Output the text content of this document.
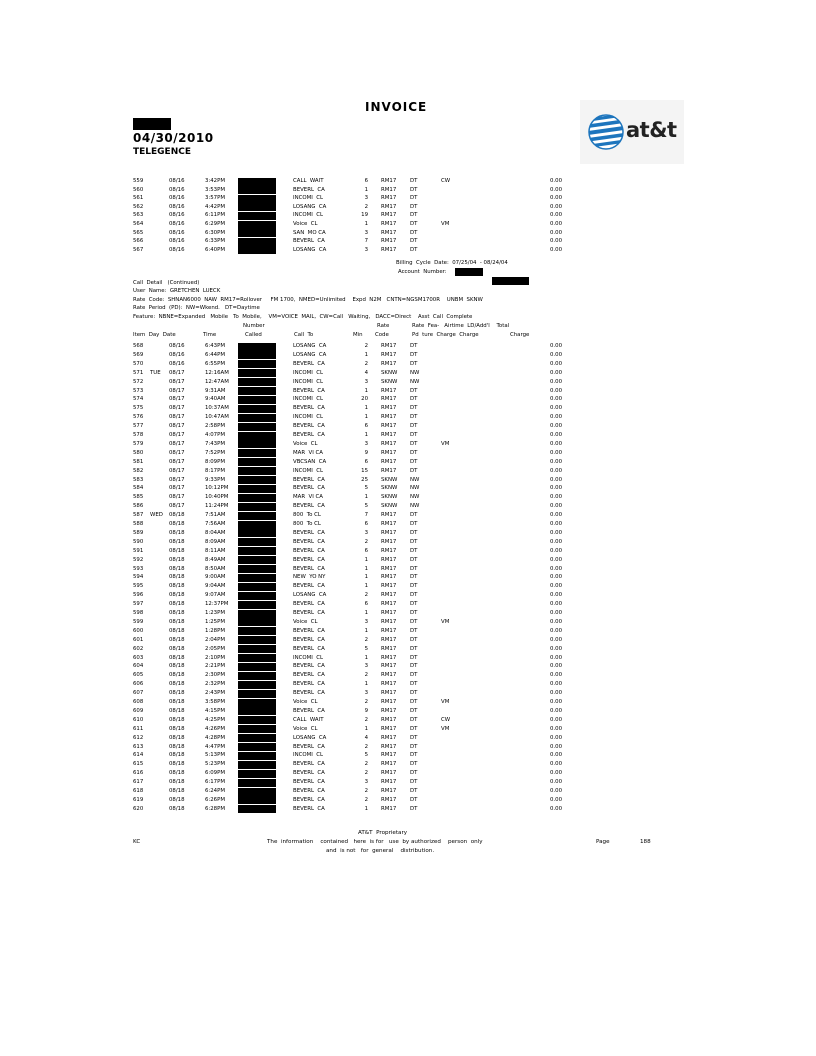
INVOICE
04/30/2010
TELEGENCE
at&t
559	08/16	3:42PM	CALL  WAIT	6 RM17	DT	CW	0.00
560	08/16	3:53PM	BEVERL  CA	1 RM17	DT	0.00
561	08/16	3:57PM	INCOMI  CL	3 RM17	DT	0.00
562	08/16	4:42PM	LOSANG  CA	2 RM17	DT	0.00
563	08/16	6:11PM	INCOMI  CL	19 RM17	DT	0.00
564	08/16	6:29PM	Voice  CL	1 RM17	DT	VM	0.00
565	08/16	6:30PM	SAN  MO CA	3 RM17	DT	0.00
566	08/16	6:33PM	BEVERL  CA	7 RM17	DT	0.00
567	08/16	6:40PM	LOSANG  CA	3 RM17	DT	0.00
Billing  Cycle  Date:  07/25/04  - 08/24/04
Account  Number:
Call  Detail   (Continued)
User  Name:  GRETCHEN  LUECK
Rate  Code:  SHNAN6000  NAW  RM17=Rollover     FM 1700,  NMED=Unlimited    Expd  N2M   CNTN=NGSM1700R    UNBM  SKNW
Rate  Period  (PD):  NW=Wkend.   DT=Daytime
Feature:  NBNE=Expanded   Mobile   To  Mobile,    VM=VOICE  MAIL,  CW=Call   Waiting,   DACC=Direct    Asst  Call  Complete
Number	Rate	Rate  Fea-   Airtime  LD/Add'l    Total
Item  Day  Date	Time	Called	Call  To	Min Code	Pd  ture  Charge  Charge	Charge
568	08/16	6:43PM	LOSANG  CA	2 RM17	DT	0.00
569	08/16	6:44PM	LOSANG  CA	1 RM17	DT	0.00
570	08/16	6:55PM	BEVERL  CA	2 RM17	DT	0.00
571 TUE 08/17	12:16AM	INCOMI  CL	4 SKNW NW	0.00
572	08/17	12:47AM	INCOMI  CL	3 SKNW NW	0.00
573	08/17	9:31AM	BEVERL  CA	1 RM17	DT	0.00
574	08/17	9:40AM	INCOMI  CL	20 RM17	DT	0.00
575	08/17	10:37AM	BEVERL  CA	1 RM17	DT	0.00
576	08/17	10:47AM	INCOMI  CL	1 RM17	DT	0.00
577	08/17	2:58PM	BEVERL  CA	6 RM17	DT	0.00
578	08/17	4:07PM	BEVERL  CA	1 RM17	DT	0.00
579	08/17	7:43PM	Voice  CL	3 RM17	DT	VM	0.00
580	08/17	7:52PM	MAR  VI CA	9 RM17	DT	0.00
581	08/17	8:09PM	VBCSAN  CA	6 RM17	DT	0.00
582	08/17	8:17PM	INCOMI  CL	15 RM17	DT	0.00
583	08/17	9:33PM	BEVERL  CA	25 SKNW NW	0.00
584	08/17	10:12PM	BEVERL  CA	5 SKNW NW	0.00
585	08/17	10:40PM	MAR  VI CA	1 SKNW NW	0.00
586	08/17	11:24PM	BEVERL  CA	5 SKNW NW	0.00
587 WED 08/18	7:51AM	800  To CL	7 RM17	DT	0.00
588	08/18	7:56AM	800  To CL	6 RM17	DT	0.00
589	08/18	8:04AM	BEVERL  CA	3 RM17	DT	0.00
590	08/18	8:09AM	BEVERL  CA	2 RM17	DT	0.00
591	08/18	8:11AM	BEVERL  CA	6 RM17	DT	0.00
592	08/18	8:49AM	BEVERL  CA	1 RM17	DT	0.00
593	08/18	8:50AM	BEVERL  CA	1 RM17	DT	0.00
594	08/18	9:00AM	NEW  YO NY	1 RM17	DT	0.00
595	08/18	9:04AM	BEVERL  CA	1 RM17	DT	0.00
596	08/18	9:07AM	LOSANG  CA	2 RM17	DT	0.00
597	08/18	12:37PM	BEVERL  CA	6 RM17	DT	0.00
598	08/18	1:23PM	BEVERL  CA	1 RM17	DT	0.00
599	08/18	1:25PM	Voice  CL	3 RM17	DT	VM	0.00
600	08/18	1:28PM	BEVERL  CA	1 RM17	DT	0.00
601	08/18	2:04PM	BEVERL  CA	2 RM17	DT	0.00
602	08/18	2:05PM	BEVERL  CA	5 RM17	DT	0.00
603	08/18	2:10PM	INCOMI  CL	1 RM17	DT	0.00
604	08/18	2:21PM	BEVERL  CA	3 RM17	DT	0.00
605	08/18	2:30PM	BEVERL  CA	2 RM17	DT	0.00
606	08/18	2:32PM	BEVERL  CA	1 RM17	DT	0.00
607	08/18	2:43PM	BEVERL  CA	3 RM17	DT	0.00
608	08/18	3:58PM	Voice  CL	2 RM17	DT	VM	0.00
609	08/18	4:15PM	BEVERL  CA	9 RM17	DT	0.00
610	08/18	4:25PM	CALL  WAIT	2 RM17	DT	CW	0.00
611	08/18	4:26PM	Voice  CL	1 RM17	DT	VM	0.00
612	08/18	4:28PM	LOSANG  CA	4 RM17	DT	0.00
613	08/18	4:47PM	BEVERL  CA	2 RM17	DT	0.00
614	08/18	5:13PM	INCOMI  CL	5 RM17	DT	0.00
615	08/18	5:23PM	BEVERL  CA	2 RM17	DT	0.00
616	08/18	6:09PM	BEVERL  CA	2 RM17	DT	0.00
617	08/18	6:17PM	BEVERL  CA	3 RM17	DT	0.00
618	08/18	6:24PM	BEVERL  CA	2 RM17	DT	0.00
619	08/18	6:26PM	BEVERL  CA	2 RM17	DT	0.00
620	08/18	6:28PM	BEVERL  CA	1 RM17	DT	0.00
AT&T  Proprietary
The  information    contained   here  is for   use  by authorized    person  only
and  is not   for  general    distribution.
KC	Page	188
